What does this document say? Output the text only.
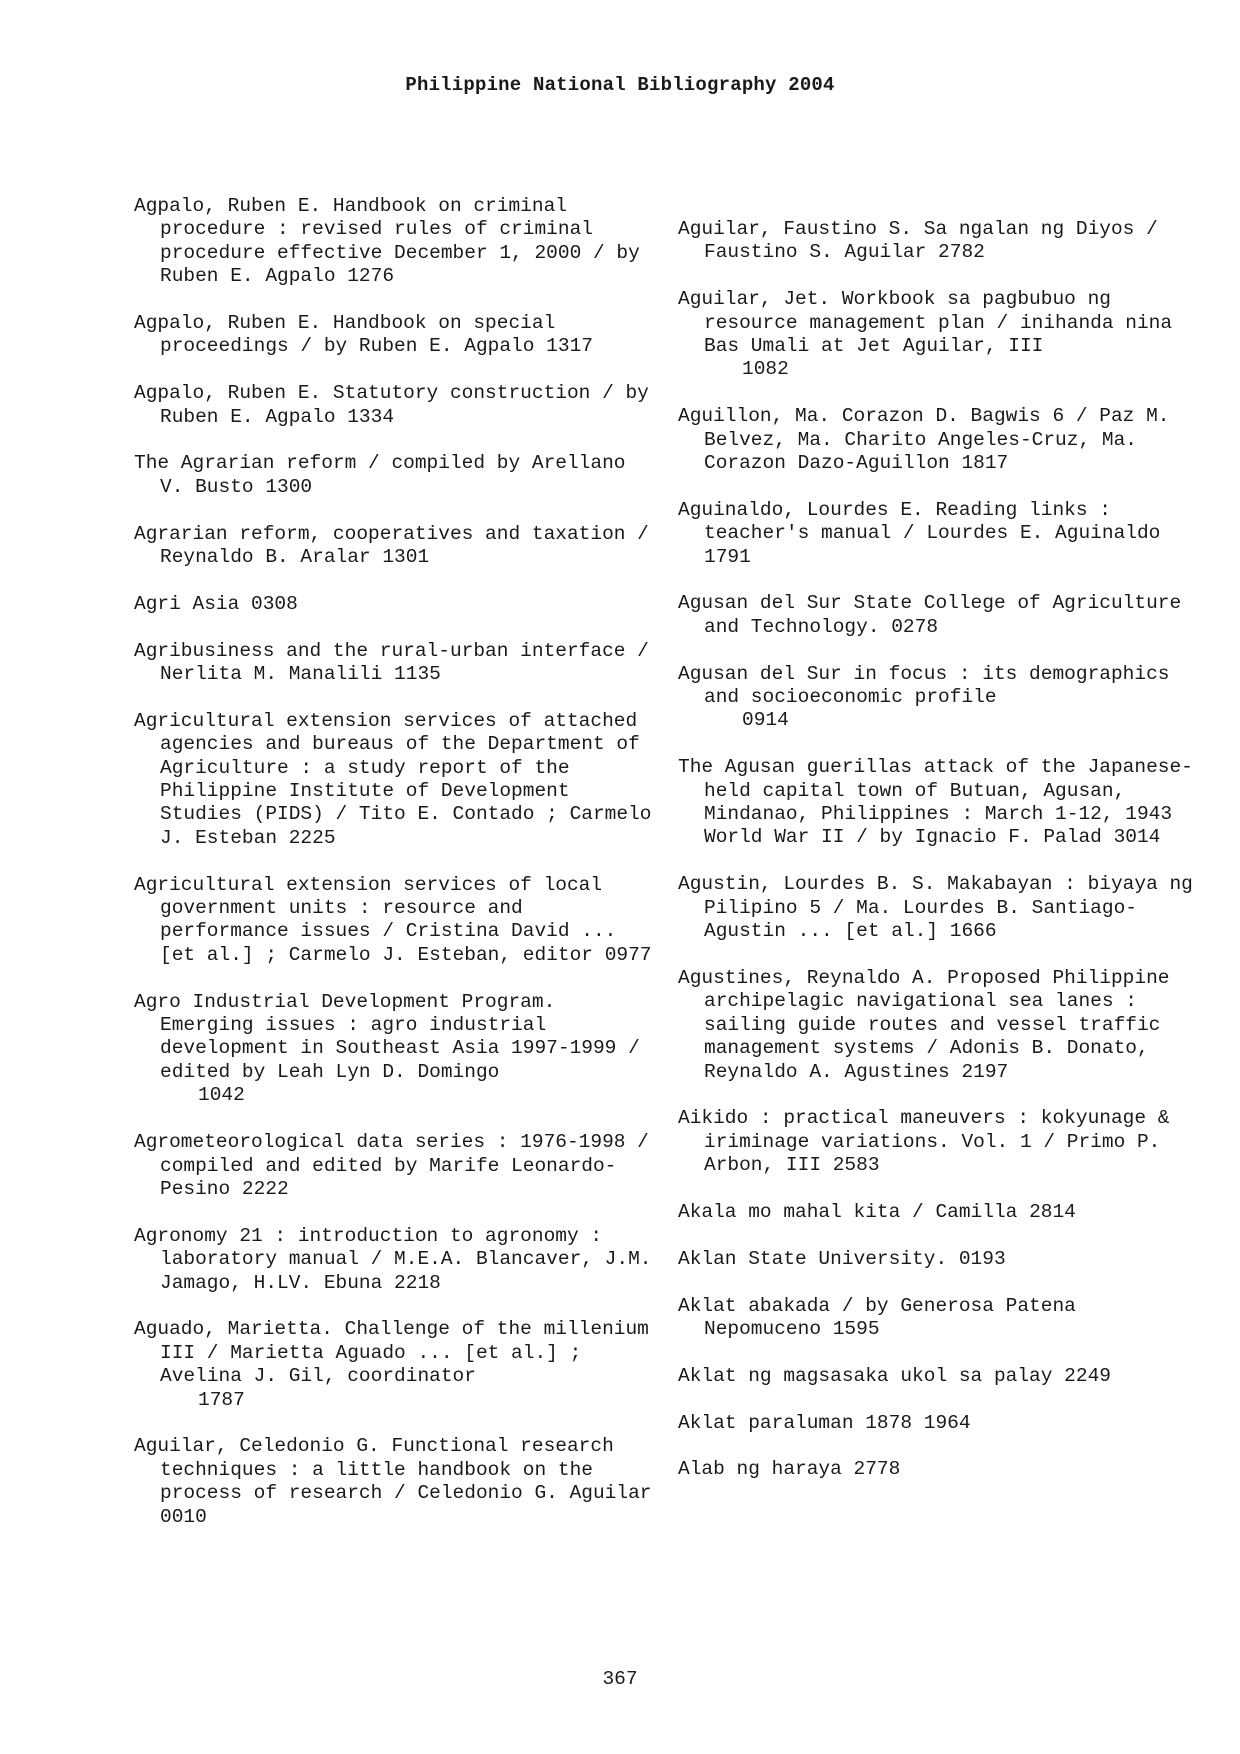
Philippine National Bibliography 2004

Agpalo, Ruben E. Handbook on criminal procedure : revised rules of criminal procedure effective December 1, 2000 / by Ruben E. Agpalo 1276

Agpalo, Ruben E. Handbook on special proceedings / by Ruben E. Agpalo 1317

Agpalo, Ruben E. Statutory construction / by Ruben E. Agpalo 1334

The Agrarian reform / compiled by Arellano V. Busto 1300

Agrarian reform, cooperatives and taxation / Reynaldo B. Aralar 1301

Agri Asia 0308

Agribusiness and the rural-urban interface / Nerlita M. Manalili 1135

Agricultural extension services of attached agencies and bureaus of the Department of Agriculture : a study report of the Philippine Institute of Development Studies (PIDS) / Tito E. Contado ; Carmelo J. Esteban 2225

Agricultural extension services of local government units : resource and performance issues / Cristina David ... [et al.] ; Carmelo J. Esteban, editor 0977

Agro Industrial Development Program. Emerging issues : agro industrial development in Southeast Asia 1997-1999 / edited by Leah Lyn D. Domingo
1042

Agrometeorological data series : 1976-1998 / compiled and edited by Marife Leonardo-Pesino 2222

Agronomy 21 : introduction to agronomy : laboratory manual / M.E.A. Blancaver, J.M. Jamago, H.LV. Ebuna 2218

Aguado, Marietta. Challenge of the millenium III / Marietta Aguado ... [et al.] ; Avelina J. Gil, coordinator
1787

Aguilar, Celedonio G. Functional research techniques : a little handbook on the process of research / Celedonio G. Aguilar 0010

Aguilar, Faustino S. Sa ngalan ng Diyos / Faustino S. Aguilar 2782

Aguilar, Jet. Workbook sa pagbubuo ng resource management plan / inihanda nina Bas Umali at Jet Aguilar, III
1082

Aguillon, Ma. Corazon D. Bagwis 6 / Paz M. Belvez, Ma. Charito Angeles-Cruz, Ma. Corazon Dazo-Aguillon 1817

Aguinaldo, Lourdes E. Reading links : teacher's manual / Lourdes E. Aguinaldo 1791

Agusan del Sur State College of Agriculture and Technology. 0278

Agusan del Sur in focus : its demographics and socioeconomic profile
0914

The Agusan guerillas attack of the Japanese-held capital town of Butuan, Agusan, Mindanao, Philippines : March 1-12, 1943 World War II / by Ignacio F. Palad 3014

Agustin, Lourdes B. S. Makabayan : biyaya ng Pilipino 5 / Ma. Lourdes B. Santiago-Agustin ... [et al.] 1666

Agustines, Reynaldo A. Proposed Philippine archipelagic navigational sea lanes : sailing guide routes and vessel traffic management systems / Adonis B. Donato, Reynaldo A. Agustines 2197

Aikido : practical maneuvers : kokyunage & iriminage variations. Vol. 1 / Primo P. Arbon, III 2583

Akala mo mahal kita / Camilla 2814

Aklan State University. 0193

Aklat abakada / by Generosa Patena Nepomuceno 1595

Aklat ng magsasaka ukol sa palay 2249

Aklat paraluman 1878 1964

Alab ng haraya 2778

367
